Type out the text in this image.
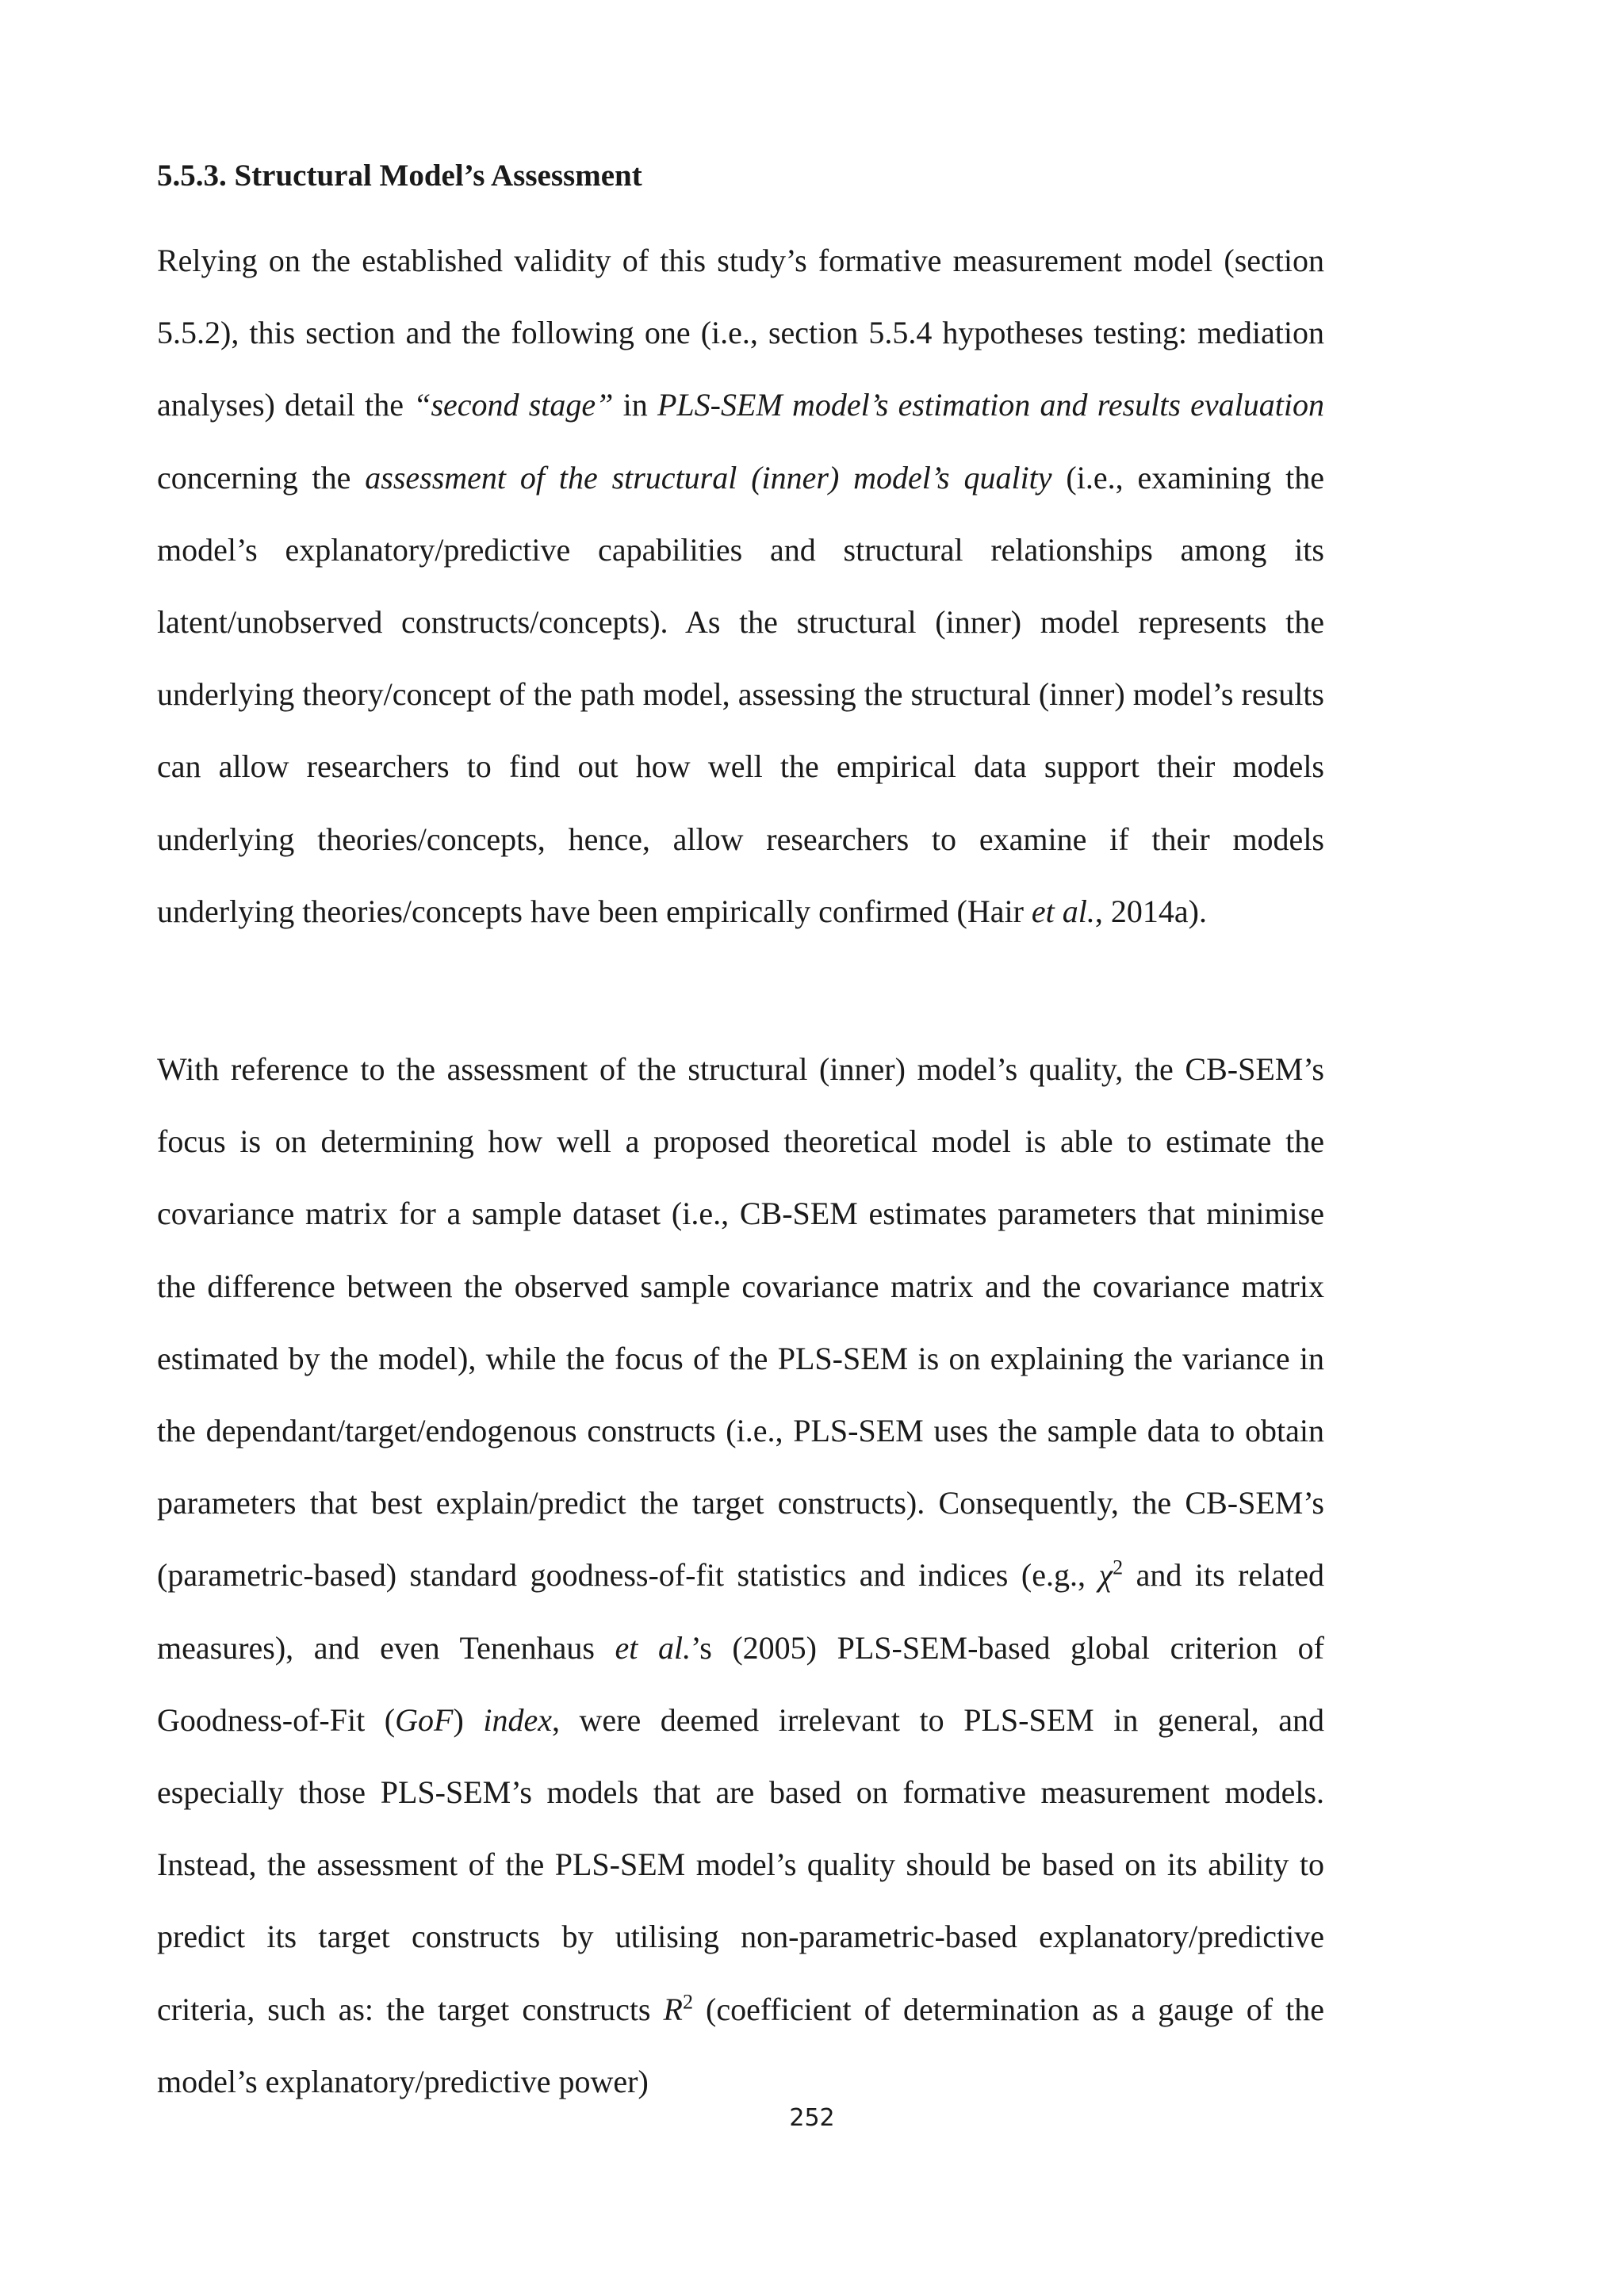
5.5.3. Structural Model’s Assessment

Relying on the established validity of this study’s formative measurement model (section 5.5.2), this section and the following one (i.e., section 5.5.4 hypotheses testing: mediation analyses) detail the “second stage” in PLS-SEM model’s estimation and results evaluation concerning the assessment of the structural (inner) model’s quality (i.e., examining the model’s explanatory/predictive capabilities and structural relationships among its latent/unobserved constructs/concepts). As the structural (inner) model represents the underlying theory/concept of the path model, assessing the structural (inner) model’s results can allow researchers to find out how well the empirical data support their models underlying theories/concepts, hence, allow researchers to examine if their models underlying theories/concepts have been empirically confirmed (Hair et al., 2014a).

With reference to the assessment of the structural (inner) model’s quality, the CB-SEM’s focus is on determining how well a proposed theoretical model is able to estimate the covariance matrix for a sample dataset (i.e., CB-SEM estimates parameters that minimise the difference between the observed sample covariance matrix and the covariance matrix estimated by the model), while the focus of the PLS-SEM is on explaining the variance in the dependant/target/endogenous constructs (i.e., PLS-SEM uses the sample data to obtain parameters that best explain/predict the target constructs). Consequently, the CB-SEM’s (parametric-based) standard goodness-of-fit statistics and indices (e.g., $\chi^2$ and its related measures), and even Tenenhaus et al.’s (2005) PLS-SEM-based global criterion of Goodness-of-Fit (GoF) index, were deemed irrelevant to PLS-SEM in general, and especially those PLS-SEM’s models that are based on formative measurement models. Instead, the assessment of the PLS-SEM model’s quality should be based on its ability to predict its target constructs by utilising non-parametric-based explanatory/predictive criteria, such as: the target constructs $R^2$ (coefficient of determination as a gauge of the model’s explanatory/predictive power)

252
